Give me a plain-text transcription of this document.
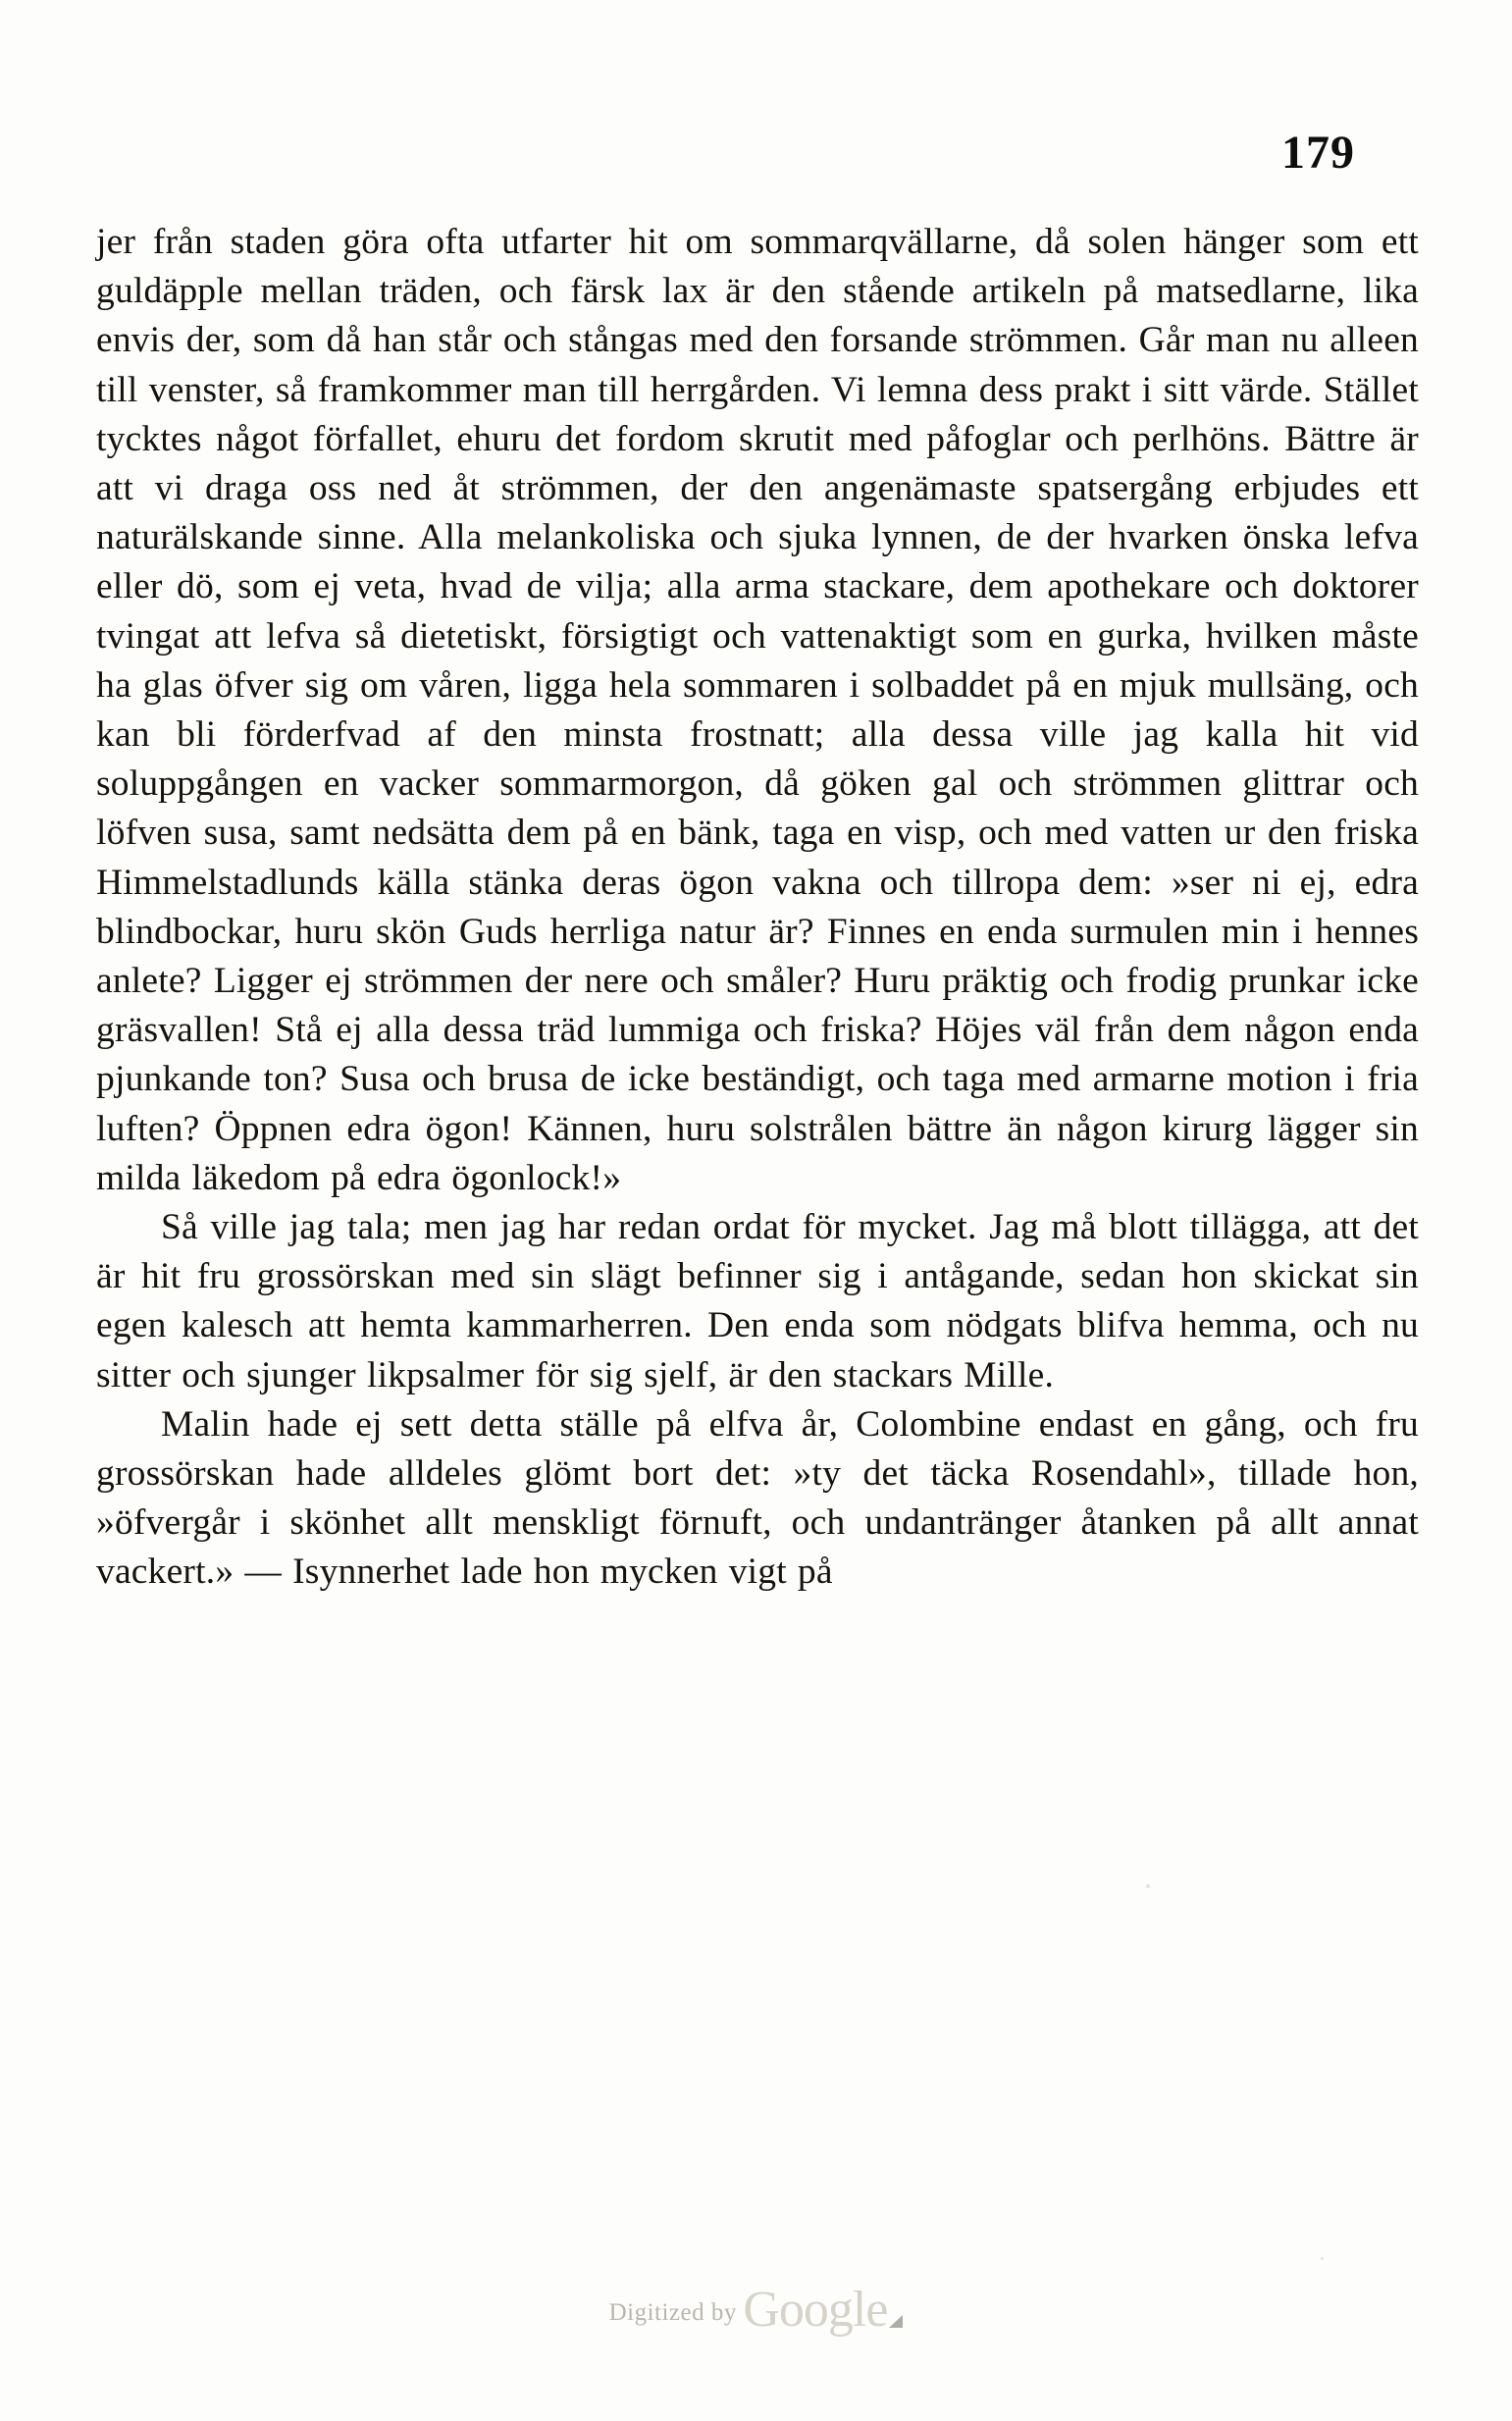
179

jer från staden göra ofta utfarter hit om sommarqvällarne, då solen hänger som ett guldäpple mellan träden, och färsk lax är den stående artikeln på matsedlarne, lika envis der, som då han står och stångas med den forsande strömmen. Går man nu alleen till venster, så framkommer man till herrgården. Vi lemna dess prakt i sitt värde. Stället tycktes något förfallet, ehuru det fordom skrutit med påfoglar och perlhöns. Bättre är att vi draga oss ned åt strömmen, der den angenämaste spatsergång erbjudes ett naturälskande sinne. Alla melankoliska och sjuka lynnen, de der hvarken önska lefva eller dö, som ej veta, hvad de vilja; alla arma stackare, dem apothekare och doktorer tvingat att lefva så dietetiskt, försigtigt och vattenaktigt som en gurka, hvilken måste ha glas öfver sig om våren, ligga hela sommaren i solbaddet på en mjuk mullsäng, och kan bli förderfvad af den minsta frostnatt; alla dessa ville jag kalla hit vid soluppgången en vacker sommarmorgon, då göken gal och strömmen glittrar och löfven susa, samt nedsätta dem på en bänk, taga en visp, och med vatten ur den friska Himmelstadlunds källa stänka deras ögon vakna och tillropa dem: »ser ni ej, edra blindbockar, huru skön Guds herrliga natur är? Finnes en enda surmulen min i hennes anlete? Ligger ej strömmen der nere och småler? Huru präktig och frodig prunkar icke gräsvallen! Stå ej alla dessa träd lummiga och friska? Höjes väl från dem någon enda pjunkande ton? Susa och brusa de icke beständigt, och taga med armarne motion i fria luften? Öppnen edra ögon! Kännen, huru solstrålen bättre än någon kirurg lägger sin milda läkedom på edra ögonlock!»

Så ville jag tala; men jag har redan ordat för mycket. Jag må blott tillägga, att det är hit fru grossörskan med sin slägt befinner sig i antågande, sedan hon skickat sin egen kalesch att hemta kammarherren. Den enda som nödgats blifva hemma, och nu sitter och sjunger likpsalmer för sig sjelf, är den stackars Mille.

Malin hade ej sett detta ställe på elfva år, Colombine endast en gång, och fru grossörskan hade alldeles glömt bort det: »ty det täcka Rosendahl», tillade hon, »öfvergår i skönhet allt menskligt förnuft, och undantränger åtanken på allt annat vackert.» — Isynnerhet lade hon mycken vigt på

Digitized by Google
